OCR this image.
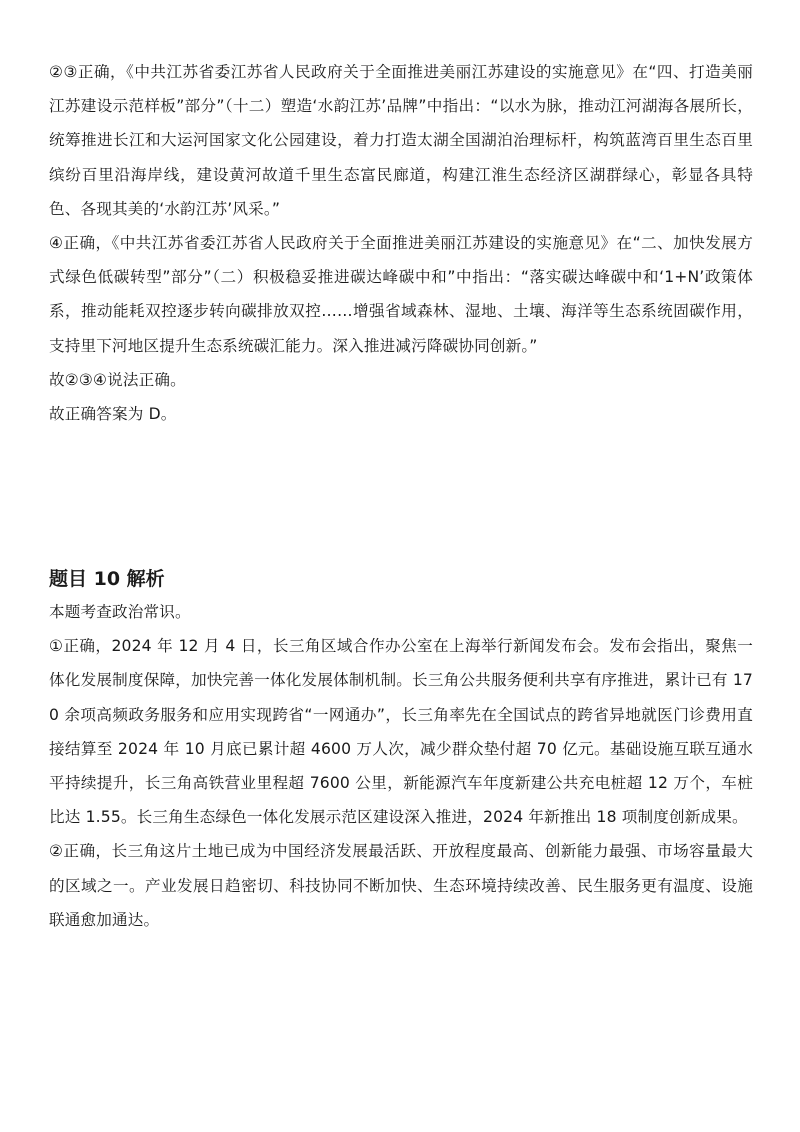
②③正确，《中共江苏省委江苏省人民政府关于全面推进美丽江苏建设的实施意见》在“四、打造美丽江苏建设示范样板”部分”（十二）塑造‘水韵江苏’品牌”中指出：“以水为脉，推动江河湖海各展所长，统筹推进长江和大运河国家文化公园建设，着力打造太湖全国湖泊治理标杆，构筑蓝湾百里生态百里缤纷百里沿海岸线，建设黄河故道千里生态富民廊道，构建江淮生态经济区湖群绿心，彰显各具特色、各现其美的‘水韵江苏’风采。”

④正确，《中共江苏省委江苏省人民政府关于全面推进美丽江苏建设的实施意见》在“二、加快发展方式绿色低碳转型”部分”（二）积极稳妥推进碳达峰碳中和”中指出：“落实碳达峰碳中和‘1+N’政策体系，推动能耗双控逐步转向碳排放双控……增强省域森林、湿地、土壤、海洋等生态系统固碳作用，支持里下河地区提升生态系统碳汇能力。深入推进减污降碳协同创新。”

故②③④说法正确。

故正确答案为 D。

题目 10 解析

本题考查政治常识。

①正确，2024 年 12 月 4 日，长三角区域合作办公室在上海举行新闻发布会。发布会指出，聚焦一体化发展制度保障，加快完善一体化发展体制机制。长三角公共服务便利共享有序推进，累计已有 170 余项高频政务服务和应用实现跨省“一网通办”，长三角率先在全国试点的跨省异地就医门诊费用直接结算至 2024 年 10 月底已累计超 4600 万人次，减少群众垫付超 70 亿元。基础设施互联互通水平持续提升，长三角高铁营业里程超 7600 公里，新能源汽车年度新建公共充电桩超 12 万个，车桩比达 1.55。长三角生态绿色一体化发展示范区建设深入推进，2024 年新推出 18 项制度创新成果。

②正确，长三角这片土地已成为中国经济发展最活跃、开放程度最高、创新能力最强、市场容量最大的区域之一。产业发展日趋密切、科技协同不断加快、生态环境持续改善、民生服务更有温度、设施联通愈加通达。
